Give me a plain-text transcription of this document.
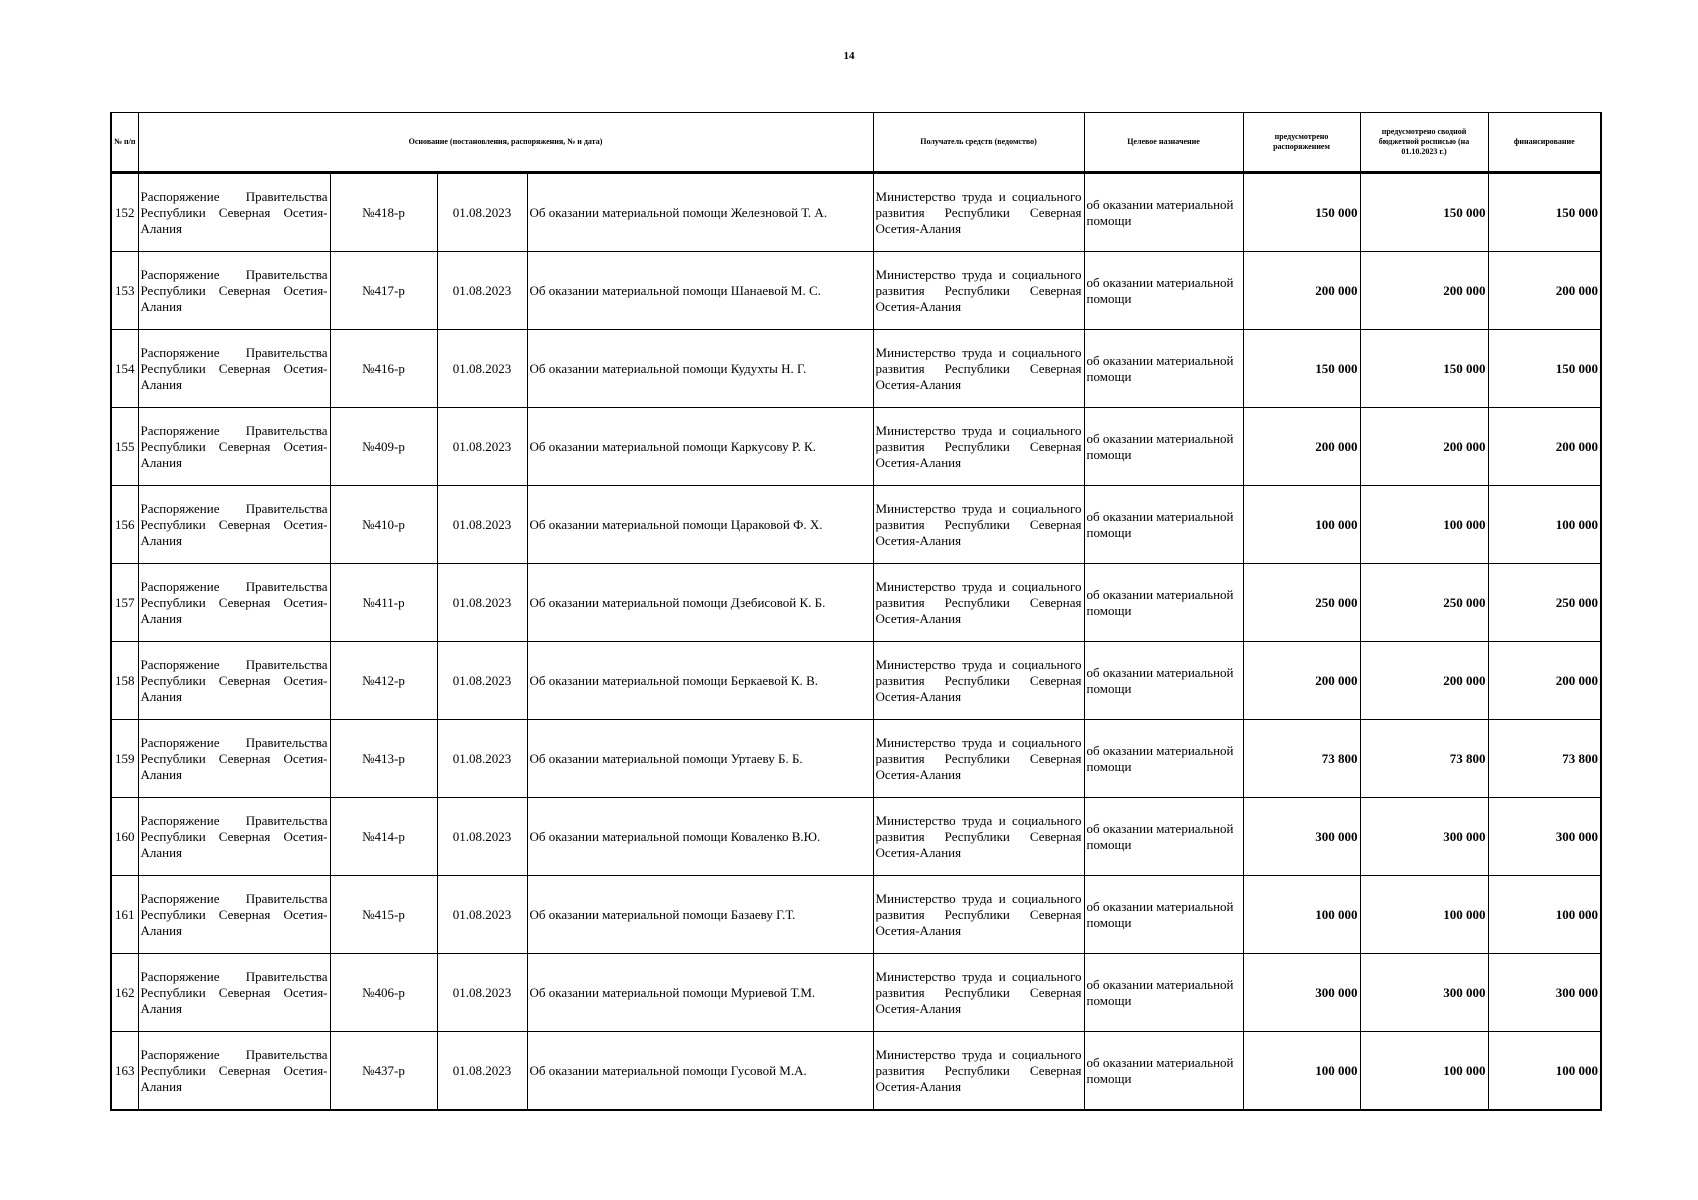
14
№ п/п	Основание (постановления, распоряжения, № и дата)				Получатель средств (ведомство)	Целевое назначение	предусмотрено распоряжением	предусмотрено сводной бюджетной росписью (на 01.10.2023 г.)	финансирование
152	Распоряжение Правительства Республики Северная Осетия-Алания	№418-р	01.08.2023	Об оказании материальной помощи Железновой Т. А.	Министерство труда и социального развития Республики Северная Осетия-Алания	об оказании материальной помощи	150 000	150 000	150 000
153	Распоряжение Правительства Республики Северная Осетия-Алания	№417-р	01.08.2023	Об оказании материальной помощи Шанаевой М. С.	Министерство труда и социального развития Республики Северная Осетия-Алания	об оказании материальной помощи	200 000	200 000	200 000
154	Распоряжение Правительства Республики Северная Осетия-Алания	№416-р	01.08.2023	Об оказании материальной помощи Кудухты Н. Г.	Министерство труда и социального развития Республики Северная Осетия-Алания	об оказании материальной помощи	150 000	150 000	150 000
155	Распоряжение Правительства Республики Северная Осетия-Алания	№409-р	01.08.2023	Об оказании материальной помощи Каркусову Р. К.	Министерство труда и социального развития Республики Северная Осетия-Алания	об оказании материальной помощи	200 000	200 000	200 000
156	Распоряжение Правительства Республики Северная Осетия-Алания	№410-р	01.08.2023	Об оказании материальной помощи Цараковой Ф. Х.	Министерство труда и социального развития Республики Северная Осетия-Алания	об оказании материальной помощи	100 000	100 000	100 000
157	Распоряжение Правительства Республики Северная Осетия-Алания	№411-р	01.08.2023	Об оказании материальной помощи Дзебисовой К. Б.	Министерство труда и социального развития Республики Северная Осетия-Алания	об оказании материальной помощи	250 000	250 000	250 000
158	Распоряжение Правительства Республики Северная Осетия-Алания	№412-р	01.08.2023	Об оказании материальной помощи Беркаевой К. В.	Министерство труда и социального развития Республики Северная Осетия-Алания	об оказании материальной помощи	200 000	200 000	200 000
159	Распоряжение Правительства Республики Северная Осетия-Алания	№413-р	01.08.2023	Об оказании материальной помощи Уртаеву Б. Б.	Министерство труда и социального развития Республики Северная Осетия-Алания	об оказании материальной помощи	73 800	73 800	73 800
160	Распоряжение Правительства Республики Северная Осетия-Алания	№414-р	01.08.2023	Об оказании материальной помощи Коваленко В.Ю.	Министерство труда и социального развития Республики Северная Осетия-Алания	об оказании материальной помощи	300 000	300 000	300 000
161	Распоряжение Правительства Республики Северная Осетия-Алания	№415-р	01.08.2023	Об оказании материальной помощи Базаеву Г.Т.	Министерство труда и социального развития Республики Северная Осетия-Алания	об оказании материальной помощи	100 000	100 000	100 000
162	Распоряжение Правительства Республики Северная Осетия-Алания	№406-р	01.08.2023	Об оказании материальной помощи Муриевой Т.М.	Министерство труда и социального развития Республики Северная Осетия-Алания	об оказании материальной помощи	300 000	300 000	300 000
163	Распоряжение Правительства Республики Северная Осетия-Алания	№437-р	01.08.2023	Об оказании материальной помощи Гусовой М.А.	Министерство труда и социального развития Республики Северная Осетия-Алания	об оказании материальной помощи	100 000	100 000	100 000
